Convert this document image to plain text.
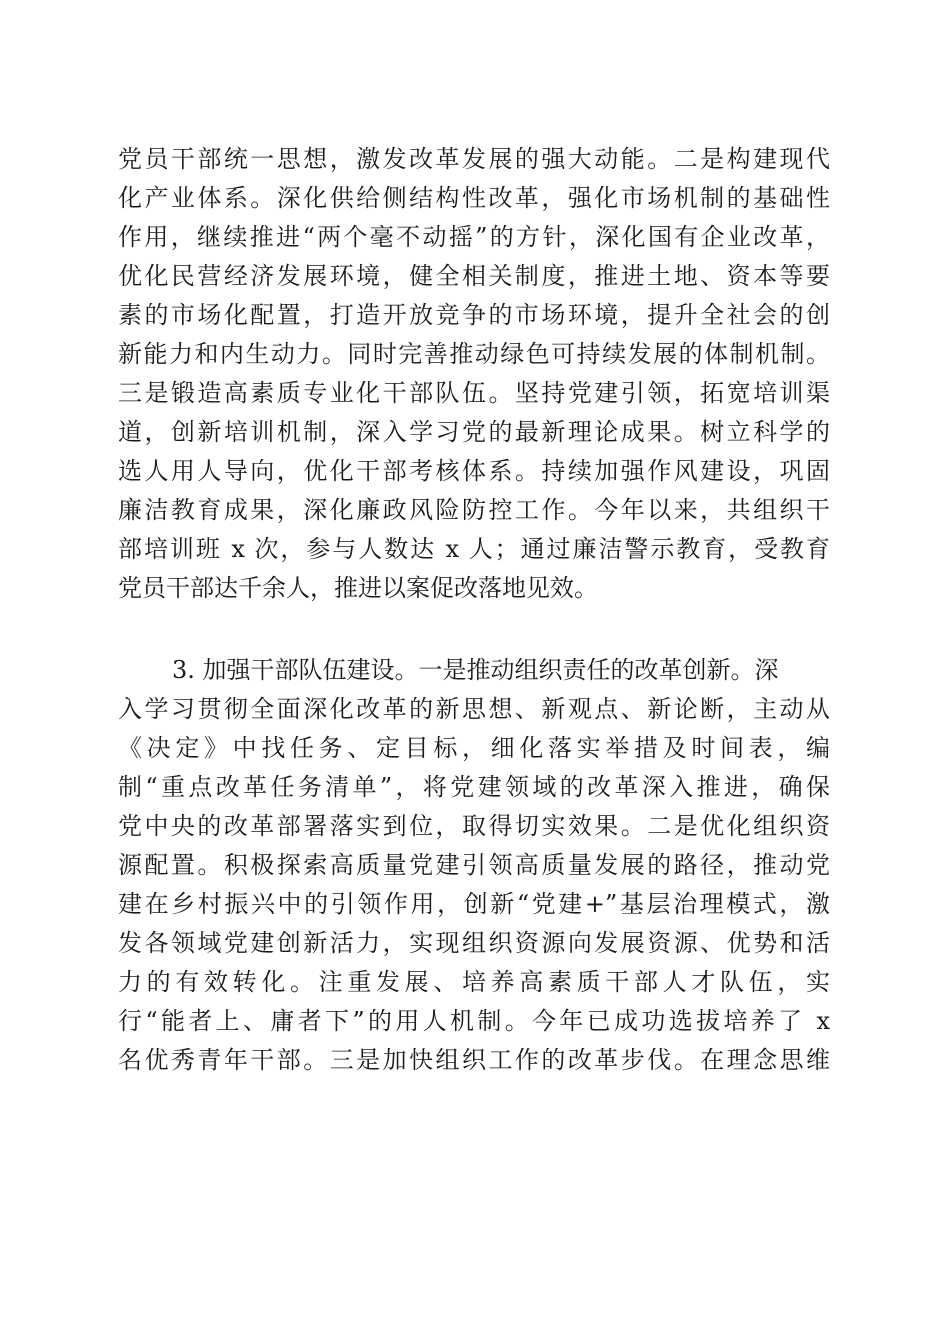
党员干部统一思想，激发改革发展的强大动能。二是构建现代
化产业体系。深化供给侧结构性改革，强化市场机制的基础性
作用，继续推进“两个毫不动摇”的方针，深化国有企业改革，
优化民营经济发展环境，健全相关制度，推进土地、资本等要
素的市场化配置，打造开放竞争的市场环境，提升全社会的创
新能力和内生动力。同时完善推动绿色可持续发展的体制机制。
三是锻造高素质专业化干部队伍。坚持党建引领，拓宽培训渠
道，创新培训机制，深入学习党的最新理论成果。树立科学的
选人用人导向，优化干部考核体系。持续加强作风建设，巩固
廉洁教育成果，深化廉政风险防控工作。今年以来，共组织干
部培训班 x 次，参与人数达 x 人；通过廉洁警示教育，受教育
党员干部达千余人，推进以案促改落地见效。
3. 加强干部队伍建设。一是推动组织责任的改革创新。深
入学习贯彻全面深化改革的新思想、新观点、新论断，主动从
《决定》中找任务、定目标，细化落实举措及时间表，编
制“重点改革任务清单”，将党建领域的改革深入推进，确保
党中央的改革部署落实到位，取得切实效果。二是优化组织资
源配置。积极探索高质量党建引领高质量发展的路径，推动党
建在乡村振兴中的引领作用，创新“党建+”基层治理模式，激
发各领域党建创新活力，实现组织资源向发展资源、优势和活
力的有效转化。注重发展、培养高素质干部人才队伍，实
行“能者上、庸者下”的用人机制。今年已成功选拔培养了 x
名优秀青年干部。三是加快组织工作的改革步伐。在理念思维
